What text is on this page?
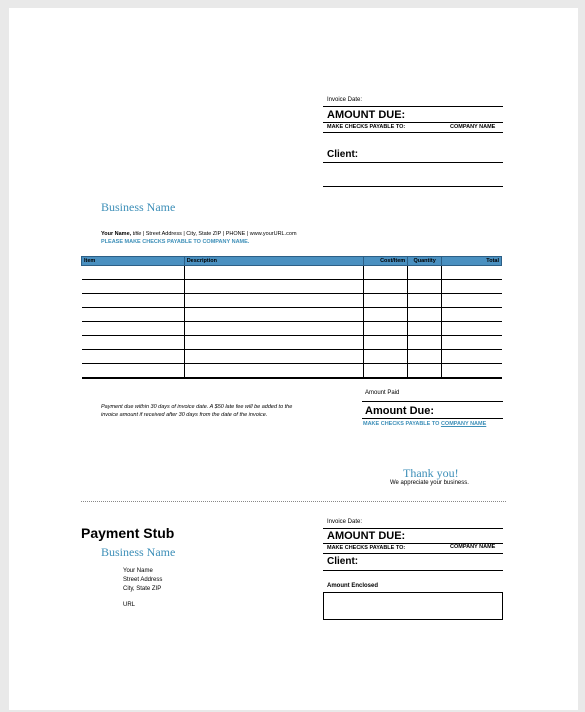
Invoice Date:
AMOUNT DUE:
MAKE CHECKS PAYABLE TO:	COMPANY NAME
Client:
Business Name
Your Name, title | Street Address | City, State ZIP | PHONE | www.yourURL.com
PLEASE MAKE CHECKS PAYABLE TO COMPANY NAME.
Item	Description	Cost/Item	Quantity	Total

Payment due within 30 days of invoice date. A $50 late fee will be added to the
invoice amount if received after 30 days from the date of the invoice.
Amount Paid
Amount Due:
MAKE CHECKS PAYABLE TO COMPANY NAME
Thank you!
We appreciate your business.
Payment Stub
Business Name
Your Name
Street Address
City, State ZIP
URL
Invoice Date:
AMOUNT DUE:
MAKE CHECKS PAYABLE TO:	COMPANY NAME
Client:
Amount Enclosed
